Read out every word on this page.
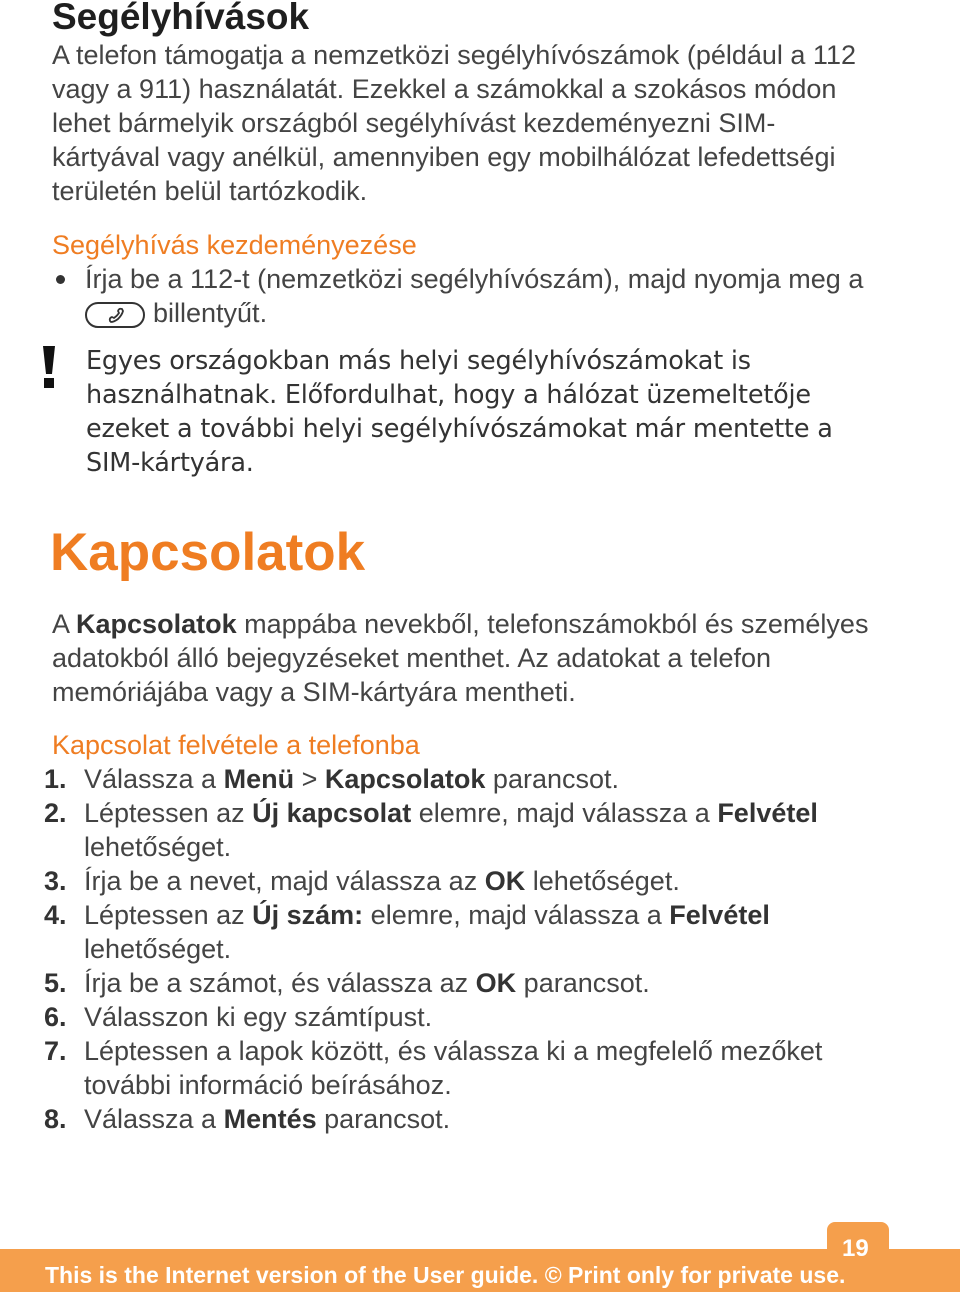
Segélyhívások
A telefon támogatja a nemzetközi segélyhívószámok (például a 112
vagy a 911) használatát. Ezekkel a számokkal a szokásos módon
lehet bármelyik országból segélyhívást kezdeményezni SIM-
kártyával vagy anélkül, amennyiben egy mobilhálózat lefedettségi
területén belül tartózkodik.
Segélyhívás kezdeményezése
Írja be a 112-t (nemzetközi segélyhívószám), majd nyomja meg a
billentyűt.
Egyes országokban más helyi segélyhívószámokat is
használhatnak. Előfordulhat, hogy a hálózat üzemeltetője
ezeket a további helyi segélyhívószámokat már mentette a
SIM-kártyára.
Kapcsolatok
A Kapcsolatok mappába nevekből, telefonszámokból és személyes
adatokból álló bejegyzéseket menthet. Az adatokat a telefon
memóriájába vagy a SIM-kártyára mentheti.
Kapcsolat felvétele a telefonba
1. Válassza a Menü > Kapcsolatok parancsot.
2. Léptessen az Új kapcsolat elemre, majd válassza a Felvétel
lehetőséget.
3. Írja be a nevet, majd válassza az OK lehetőséget.
4. Léptessen az Új szám: elemre, majd válassza a Felvétel
lehetőséget.
5. Írja be a számot, és válassza az OK parancsot.
6. Válasszon ki egy számtípust.
7. Léptessen a lapok között, és válassza ki a megfelelő mezőket
további információ beírásához.
8. Válassza a Mentés parancsot.
19
This is the Internet version of the User guide. © Print only for private use.
